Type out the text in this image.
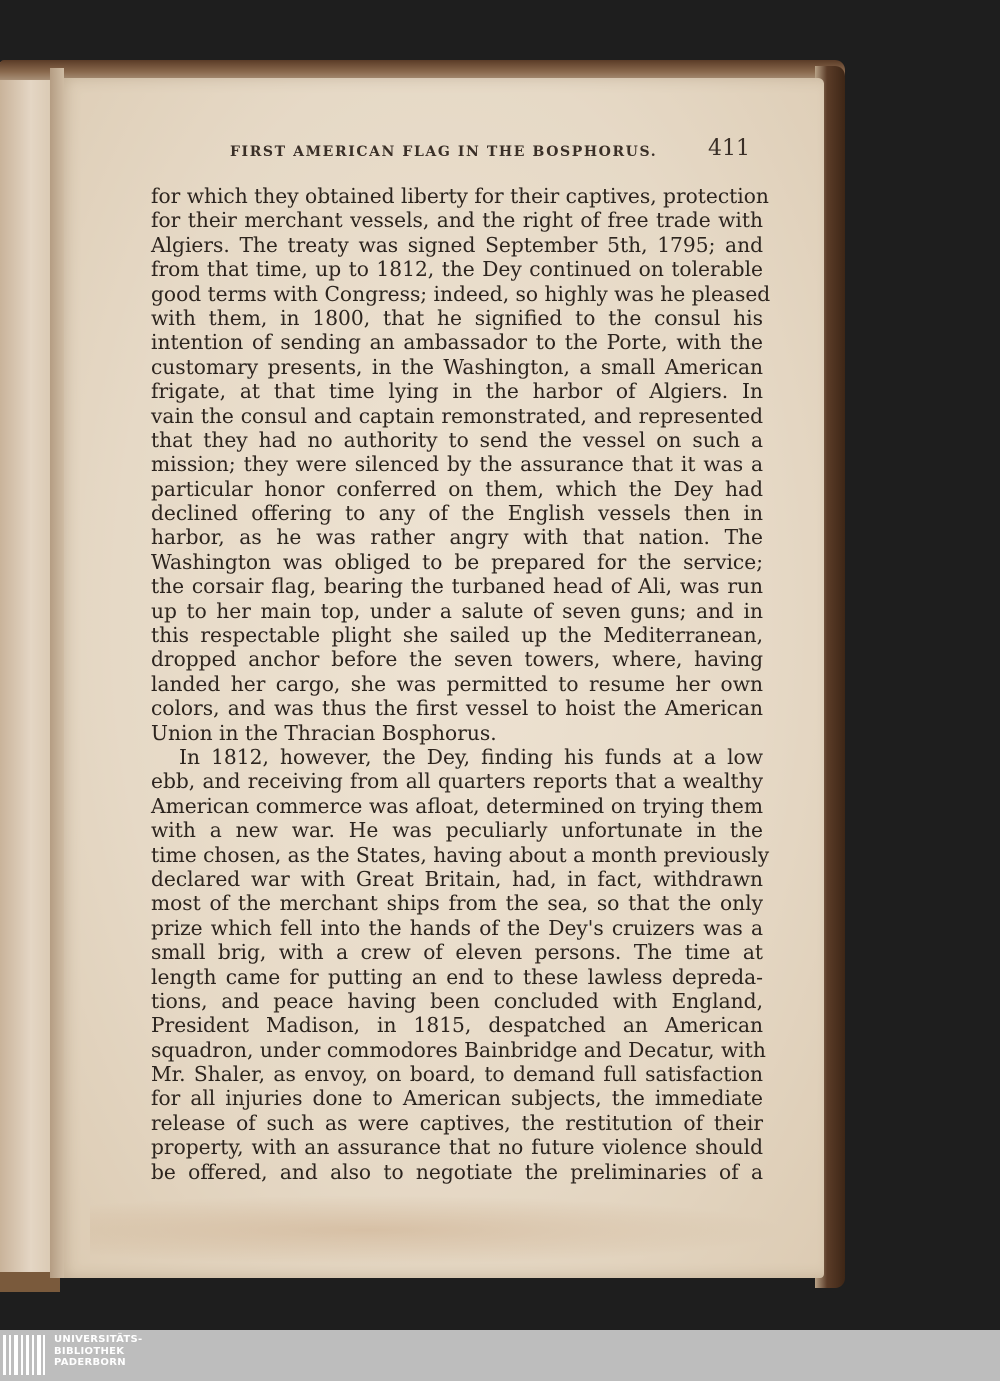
FIRST AMERICAN FLAG IN THE BOSPHORUS. 411
for which they obtained liberty for their captives, protection
for their merchant vessels, and the right of free trade with
Algiers. The treaty was signed September 5th, 1795; and
from that time, up to 1812, the Dey continued on tolerable
good terms with Congress; indeed, so highly was he pleased
with them, in 1800, that he signified to the consul his
intention of sending an ambassador to the Porte, with the
customary presents, in the Washington, a small American
frigate, at that time lying in the harbor of Algiers. In
vain the consul and captain remonstrated, and represented
that they had no authority to send the vessel on such a
mission; they were silenced by the assurance that it was a
particular honor conferred on them, which the Dey had
declined offering to any of the English vessels then in
harbor, as he was rather angry with that nation. The
Washington was obliged to be prepared for the service;
the corsair flag, bearing the turbaned head of Ali, was run
up to her main top, under a salute of seven guns; and in
this respectable plight she sailed up the Mediterranean,
dropped anchor before the seven towers, where, having
landed her cargo, she was permitted to resume her own
colors, and was thus the first vessel to hoist the American
Union in the Thracian Bosphorus.
In 1812, however, the Dey, finding his funds at a low
ebb, and receiving from all quarters reports that a wealthy
American commerce was afloat, determined on trying them
with a new war. He was peculiarly unfortunate in the
time chosen, as the States, having about a month previously
declared war with Great Britain, had, in fact, withdrawn
most of the merchant ships from the sea, so that the only
prize which fell into the hands of the Dey's cruizers was a
small brig, with a crew of eleven persons. The time at
length came for putting an end to these lawless depreda-
tions, and peace having been concluded with England,
President Madison, in 1815, despatched an American
squadron, under commodores Bainbridge and Decatur, with
Mr. Shaler, as envoy, on board, to demand full satisfaction
for all injuries done to American subjects, the immediate
release of such as were captives, the restitution of their
property, with an assurance that no future violence should
be offered, and also to negotiate the preliminaries of a
UNIVERSITÄTS-
BIBLIOTHEK
PADERBORN
